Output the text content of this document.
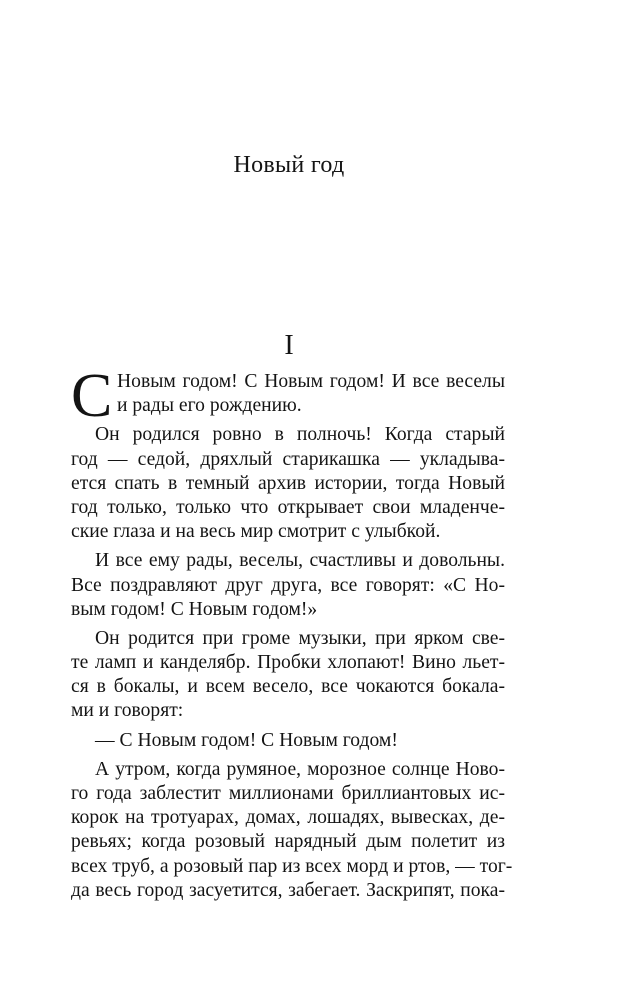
Новый год
I
С Новым годом! С Новым годом! И все веселы
и рады его рождению.
Он родился ровно в полночь! Когда старый
год — седой, дряхлый старикашка — укладыва-
ется спать в темный архив истории, тогда Новый
год только, только что открывает свои младенче-
ские глаза и на весь мир смотрит с улыбкой.
И все ему рады, веселы, счастливы и довольны.
Все поздравляют друг друга, все говорят: «С Но-
вым годом! С Новым годом!»
Он родится при громе музыки, при ярком све-
те ламп и канделябр. Пробки хлопают! Вино льет-
ся в бокалы, и всем весело, все чокаются бокала-
ми и говорят:
— С Новым годом! С Новым годом!
А утром, когда румяное, морозное солнце Ново-
го года заблестит миллионами бриллиантовых ис-
корок на тротуарах, домах, лошадях, вывесках, де-
ревьях; когда розовый нарядный дым полетит из
всех труб, а розовый пар из всех морд и ртов, — тог-
да весь город засуетится, забегает. Заскрипят, пока-
